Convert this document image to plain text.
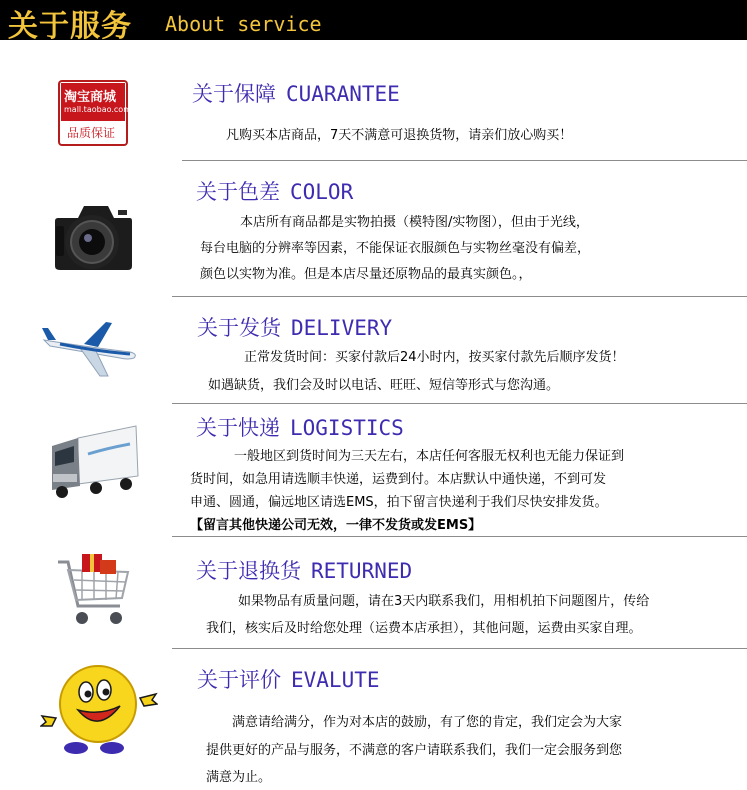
关于服务 About service
淘宝商城
mall.taobao.com
品质保证
关于保障 CUARANTEE
凡购买本店商品，7天不满意可退换货物，请亲们放心购买！
关于色差 COLOR
本店所有商品都是实物拍摄（模特图/实物图），但由于光线，
每台电脑的分辨率等因素，不能保证衣服颜色与实物丝毫没有偏差，
颜色以实物为准。但是本店尽量还原物品的最真实颜色。，
关于发货 DELIVERY
正常发货时间：买家付款后24小时内，按买家付款先后顺序发货！
如遇缺货，我们会及时以电话、旺旺、短信等形式与您沟通。
关于快递 LOGISTICS
一般地区到货时间为三天左右，本店任何客服无权利也无能力保证到
货时间，如急用请选顺丰快递，运费到付。本店默认中通快递，不到可发
申通、圆通，偏远地区请选EMS，拍下留言快递利于我们尽快安排发货。
【留言其他快递公司无效，一律不发货或发EMS】
关于退换货 RETURNED
如果物品有质量问题，请在3天内联系我们，用相机拍下问题图片，传给
我们，核实后及时给您处理（运费本店承担），其他问题，运费由买家自理。
关于评价 EVALUTE
满意请给满分，作为对本店的鼓励，有了您的肯定，我们定会为大家
提供更好的产品与服务，不满意的客户请联系我们，我们一定会服务到您
满意为止。
